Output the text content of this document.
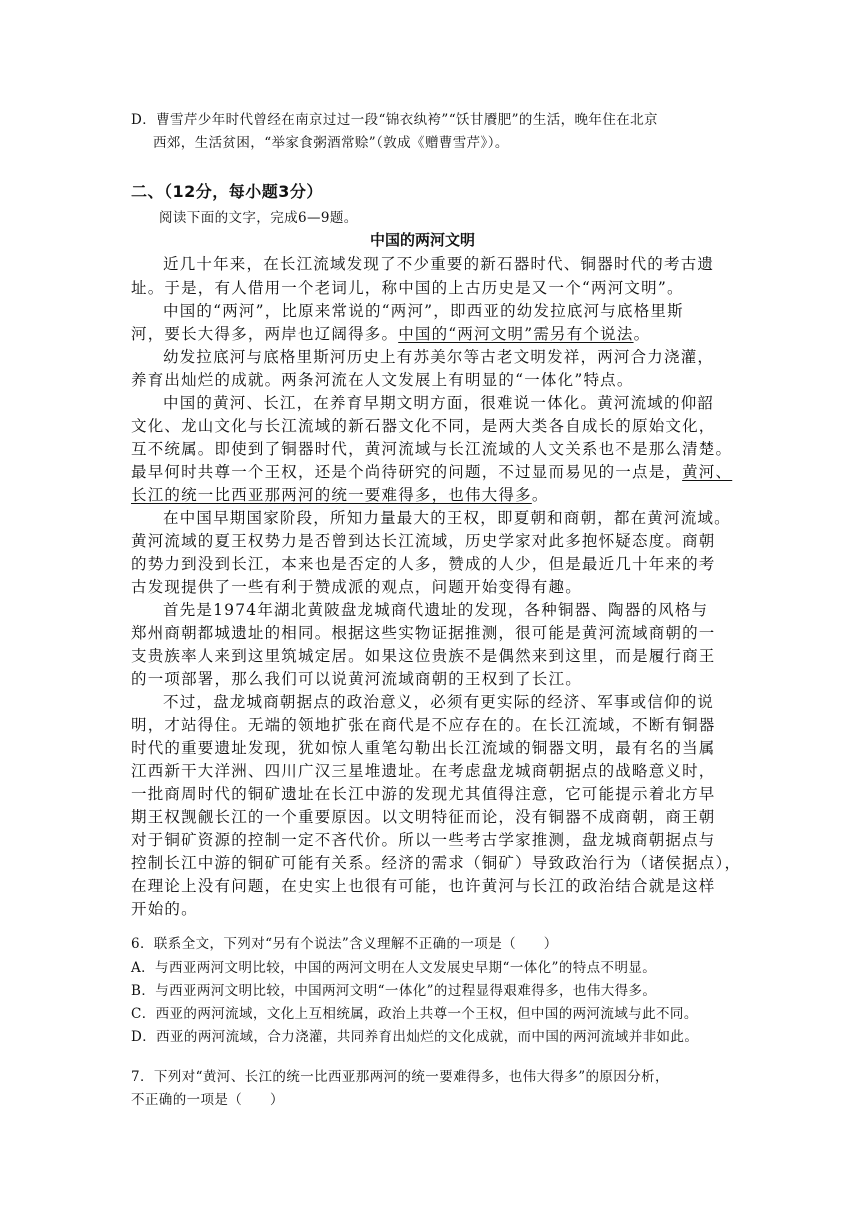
D．曹雪芹少年时代曾经在南京过过一段“锦衣纨袴”“饫甘餍肥”的生活，晚年住在北京
西郊，生活贫困，“举家食粥酒常赊”（敦成《赠曹雪芹》）。
二、（12分，每小题3分）
阅读下面的文字，完成6—9题。
中国的两河文明
近几十年来，在长江流域发现了不少重要的新石器时代、铜器时代的考古遗
址。于是，有人借用一个老词儿，称中国的上古历史是又一个“两河文明”。
中国的“两河”，比原来常说的“两河”，即西亚的幼发拉底河与底格里斯
河，要长大得多，两岸也辽阔得多。中国的“两河文明”需另有个说法。
幼发拉底河与底格里斯河历史上有苏美尔等古老文明发祥，两河合力浇灌，
养育出灿烂的成就。两条河流在人文发展上有明显的“一体化”特点。
中国的黄河、长江，在养育早期文明方面，很难说一体化。黄河流域的仰韶
文化、龙山文化与长江流域的新石器文化不同，是两大类各自成长的原始文化，
互不统属。即使到了铜器时代，黄河流域与长江流域的人文关系也不是那么清楚。
最早何时共尊一个王权，还是个尚待研究的问题，不过显而易见的一点是，黄河、
长江的统一比西亚那两河的统一要难得多，也伟大得多。
在中国早期国家阶段，所知力量最大的王权，即夏朝和商朝，都在黄河流域。
黄河流域的夏王权势力是否曾到达长江流域，历史学家对此多抱怀疑态度。商朝
的势力到没到长江，本来也是否定的人多，赞成的人少，但是最近几十年来的考
古发现提供了一些有利于赞成派的观点，问题开始变得有趣。
首先是1974年湖北黄陂盘龙城商代遗址的发现，各种铜器、陶器的风格与
郑州商朝都城遗址的相同。根据这些实物证据推测，很可能是黄河流域商朝的一
支贵族率人来到这里筑城定居。如果这位贵族不是偶然来到这里，而是履行商王
的一项部署，那么我们可以说黄河流域商朝的王权到了长江。
不过，盘龙城商朝据点的政治意义，必须有更实际的经济、军事或信仰的说
明，才站得住。无端的领地扩张在商代是不应存在的。在长江流域，不断有铜器
时代的重要遗址发现，犹如惊人重笔勾勒出长江流域的铜器文明，最有名的当属
江西新干大洋洲、四川广汉三星堆遗址。在考虑盘龙城商朝据点的战略意义时，
一批商周时代的铜矿遗址在长江中游的发现尤其值得注意，它可能提示着北方早
期王权觊觎长江的一个重要原因。以文明特征而论，没有铜器不成商朝，商王朝
对于铜矿资源的控制一定不吝代价。所以一些考古学家推测，盘龙城商朝据点与
控制长江中游的铜矿可能有关系。经济的需求（铜矿）导致政治行为（诸侯据点），
在理论上没有问题，在史实上也很有可能，也许黄河与长江的政治结合就是这样
开始的。
6．联系全文，下列对“另有个说法”含义理解不正确的一项是（　　）
A．与西亚两河文明比较，中国的两河文明在人文发展史早期“一体化”的特点不明显。
B．与西亚两河文明比较，中国两河文明“一体化”的过程显得艰难得多，也伟大得多。
C．西亚的两河流域，文化上互相统属，政治上共尊一个王权，但中国的两河流域与此不同。
D．西亚的两河流域，合力浇灌，共同养育出灿烂的文化成就，而中国的两河流域并非如此。
7．下列对“黄河、长江的统一比西亚那两河的统一要难得多，也伟大得多”的原因分析，
不正确的一项是（　　）
